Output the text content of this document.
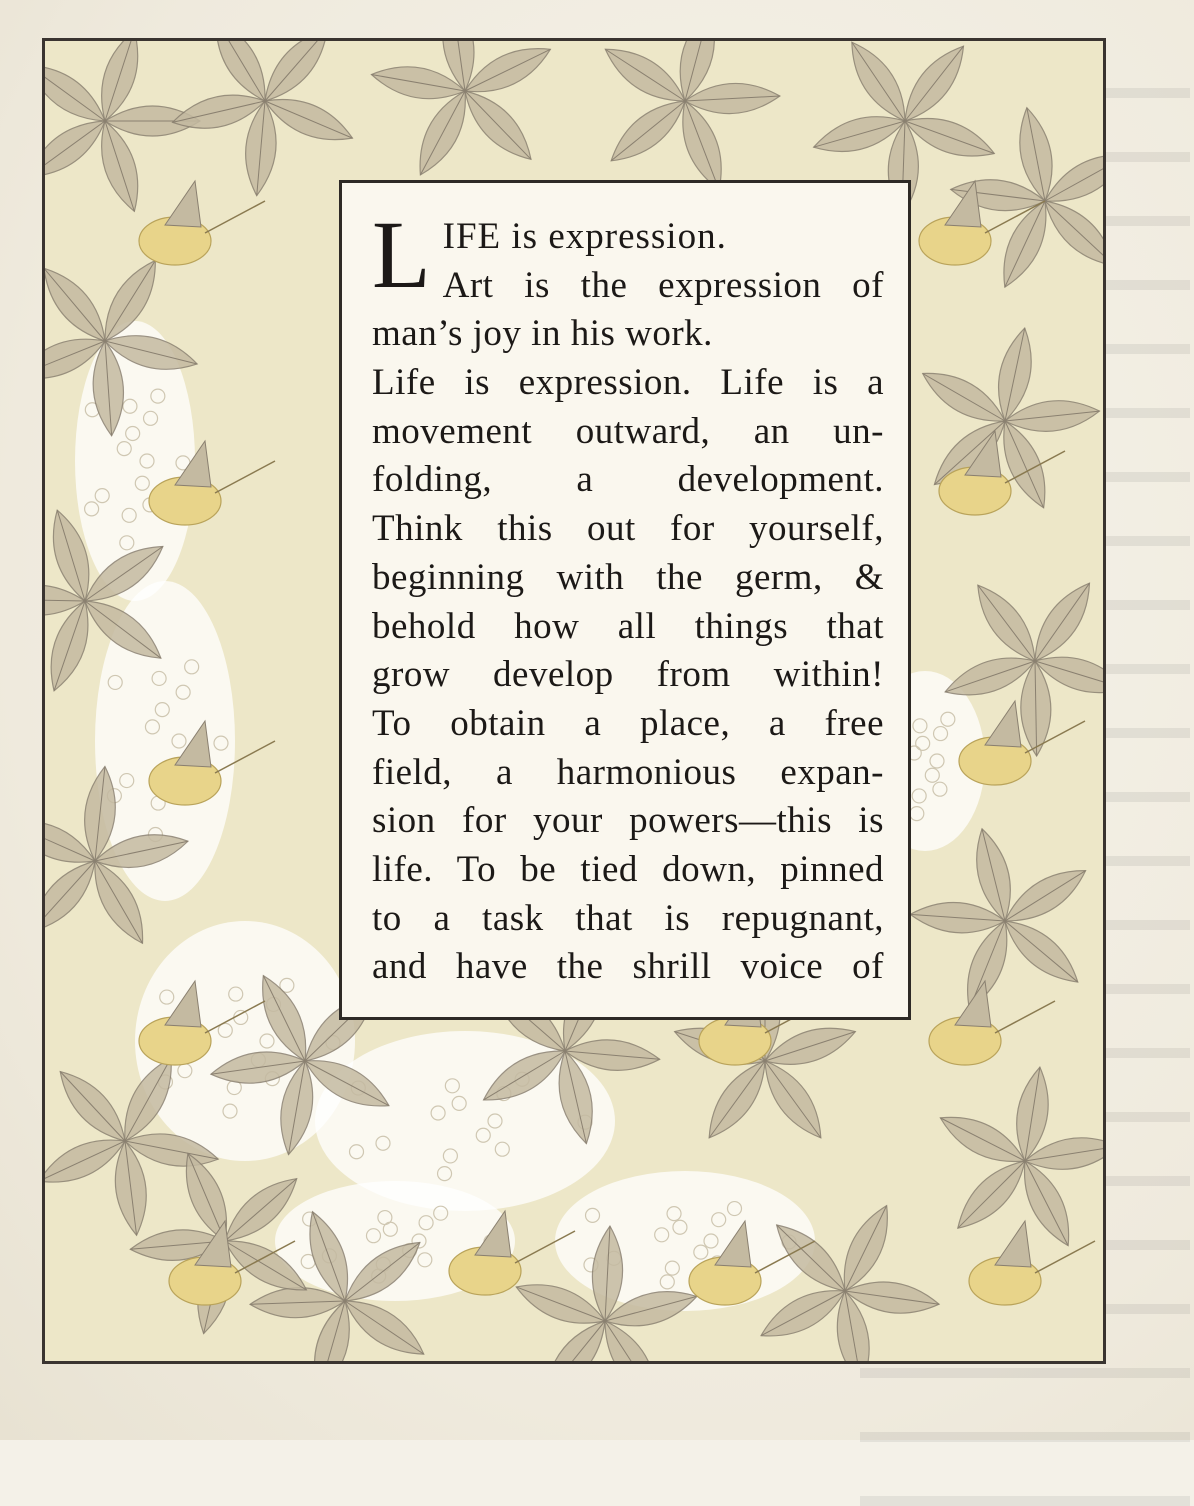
L IFE is expression.
Art is the expression of
man’s joy in his work.
Life is expression. Life is a
movement outward, an un-
folding, a development.
Think this out for yourself,
beginning with the germ, &
behold how all things that
grow develop from within!
To obtain a place, a free
field, a harmonious expan-
sion for your powers—this is
life. To be tied down, pinned
to a task that is repugnant,
and have the shrill voice of
